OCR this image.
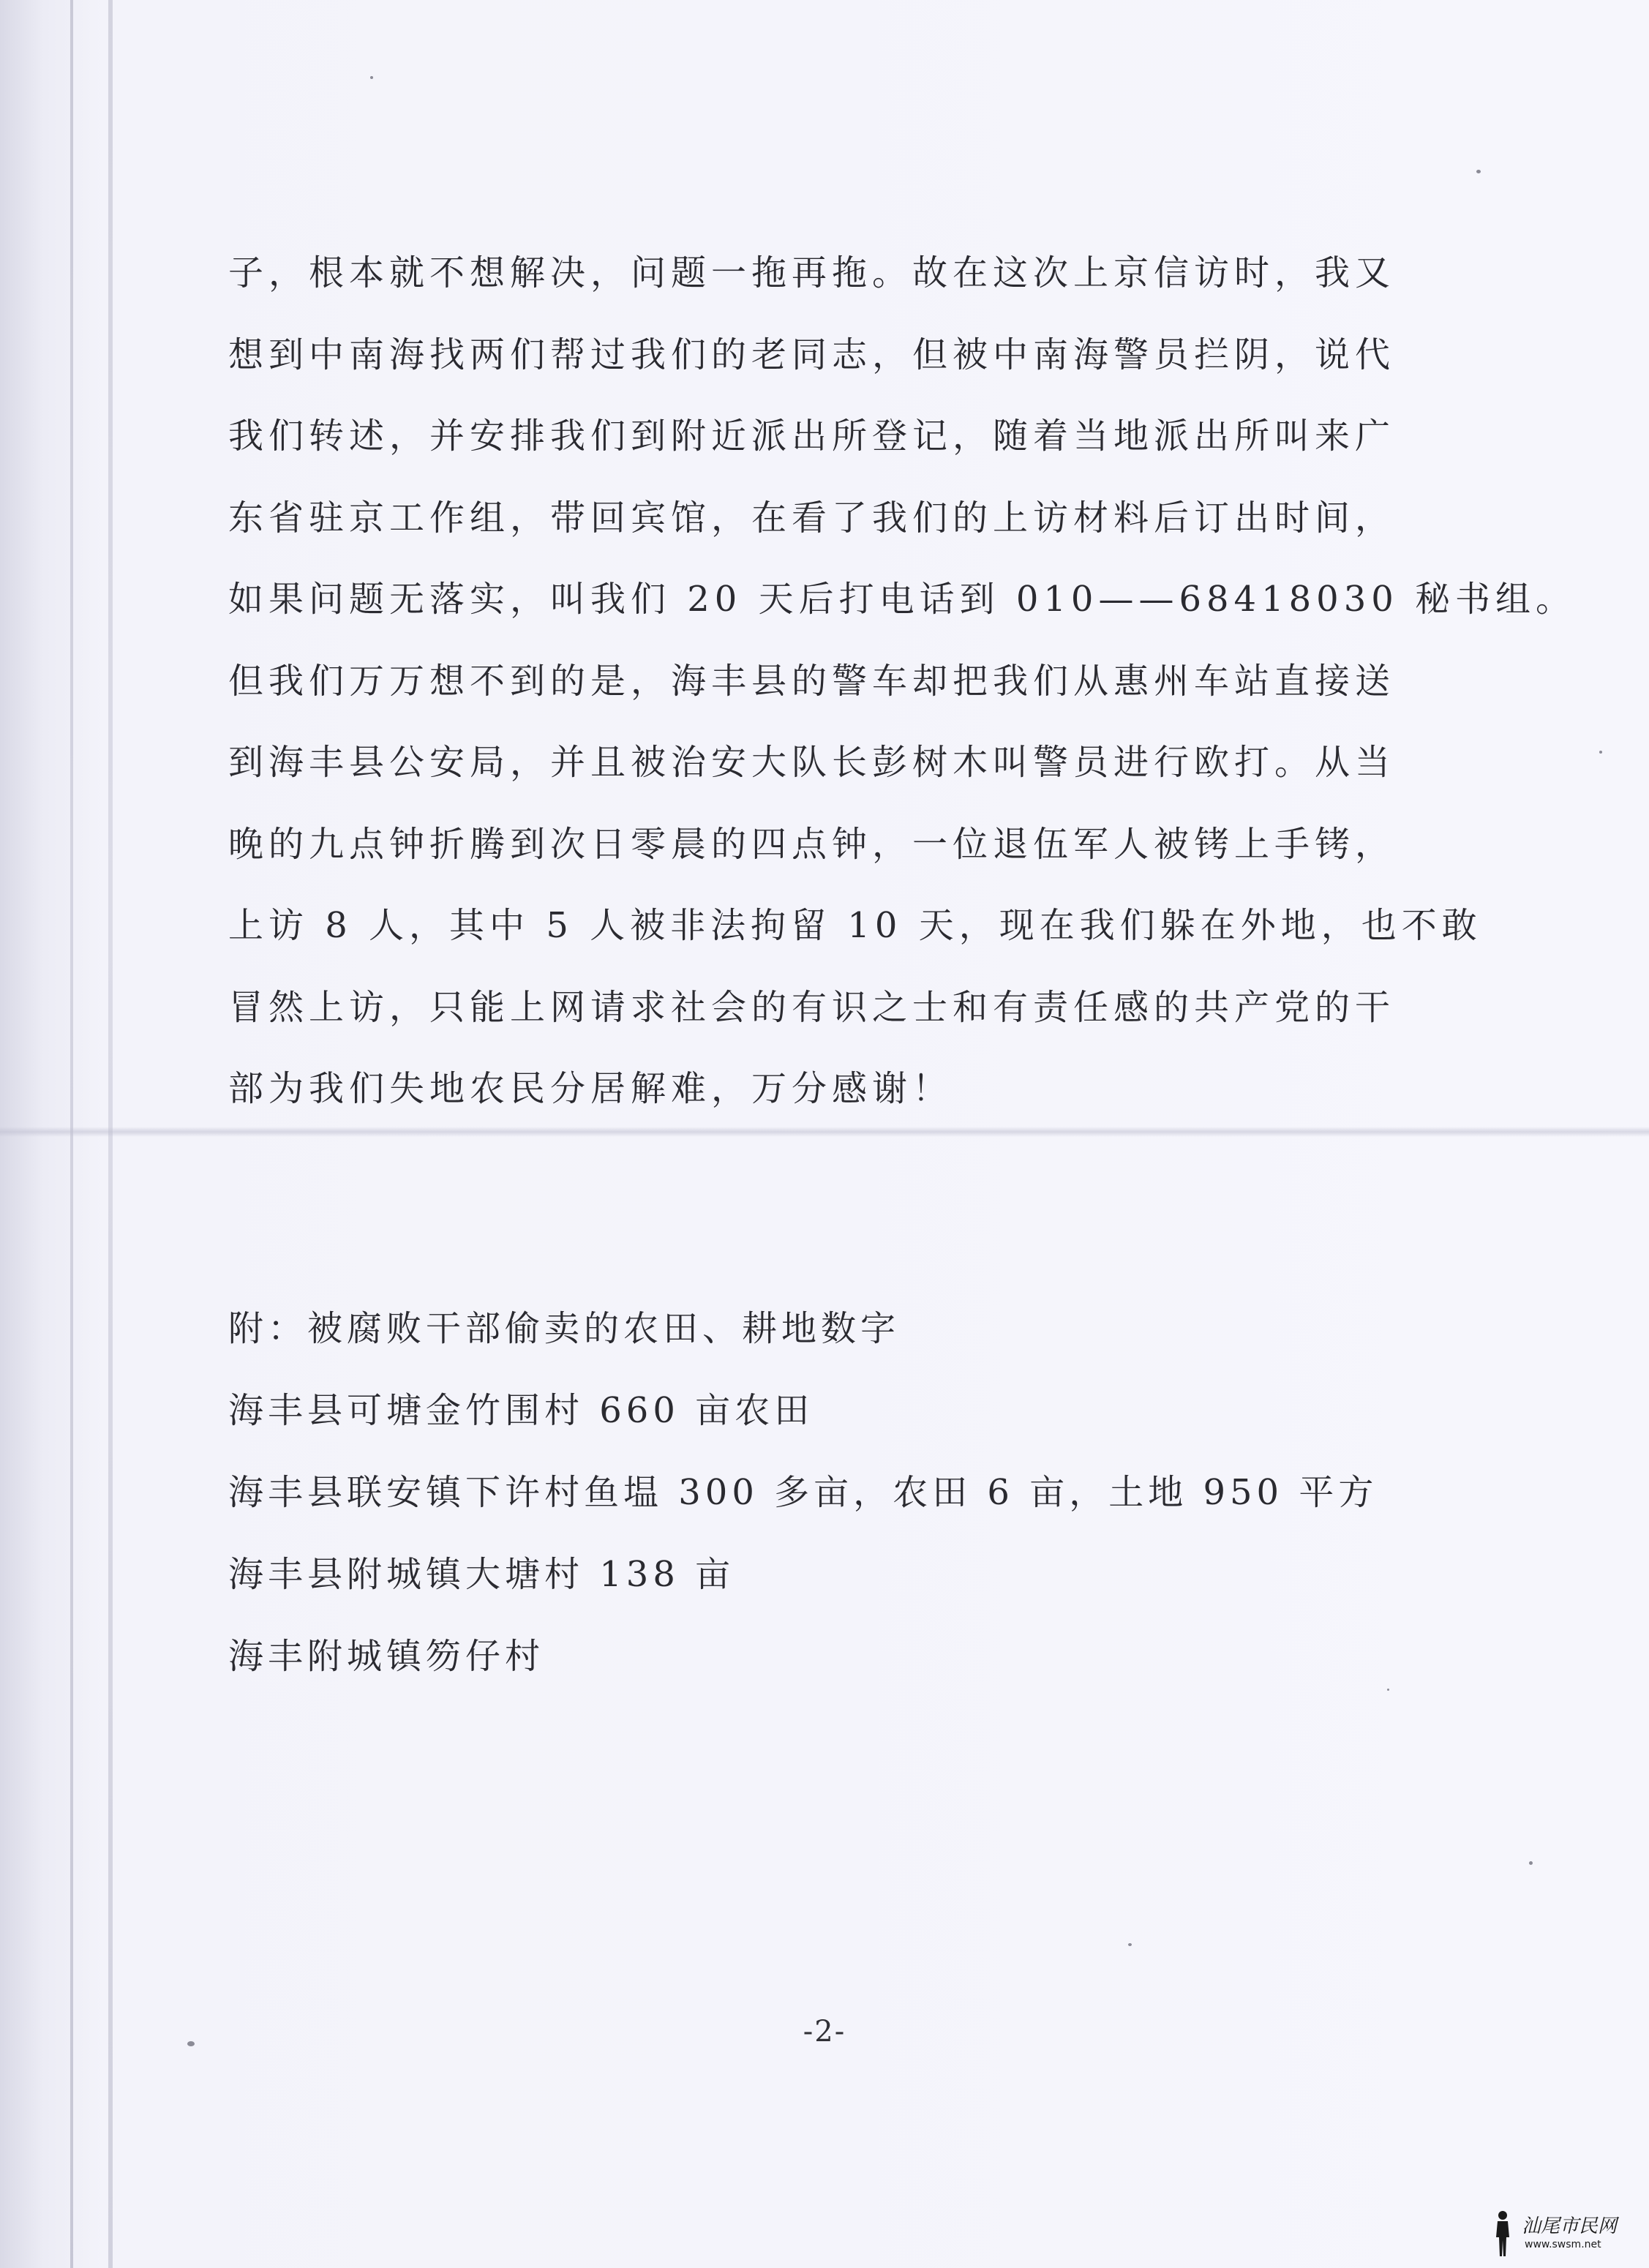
子，根本就不想解决，问题一拖再拖。故在这次上京信访时，我又
想到中南海找两们帮过我们的老同志，但被中南海警员拦阴，说代
我们转述，并安排我们到附近派出所登记，随着当地派出所叫来广
东省驻京工作组，带回宾馆，在看了我们的上访材料后订出时间，
如果问题无落实，叫我们 20 天后打电话到 010——68418030 秘书组。
但我们万万想不到的是，海丰县的警车却把我们从惠州车站直接送
到海丰县公安局，并且被治安大队长彭树木叫警员进行欧打。从当
晚的九点钟折腾到次日零晨的四点钟，一位退伍军人被铐上手铐，
上访 8 人，其中 5 人被非法拘留 10 天，现在我们躲在外地，也不敢
冒然上访，只能上网请求社会的有识之士和有责任感的共产党的干
部为我们失地农民分居解难，万分感谢！
附：被腐败干部偷卖的农田、耕地数字
海丰县可塘金竹围村 660 亩农田
海丰县联安镇下许村鱼塭 300 多亩，农田 6 亩，土地 950 平方
海丰县附城镇大塘村 138 亩
海丰附城镇笏仔村
-2-
汕尾市民网
www.swsm.net
